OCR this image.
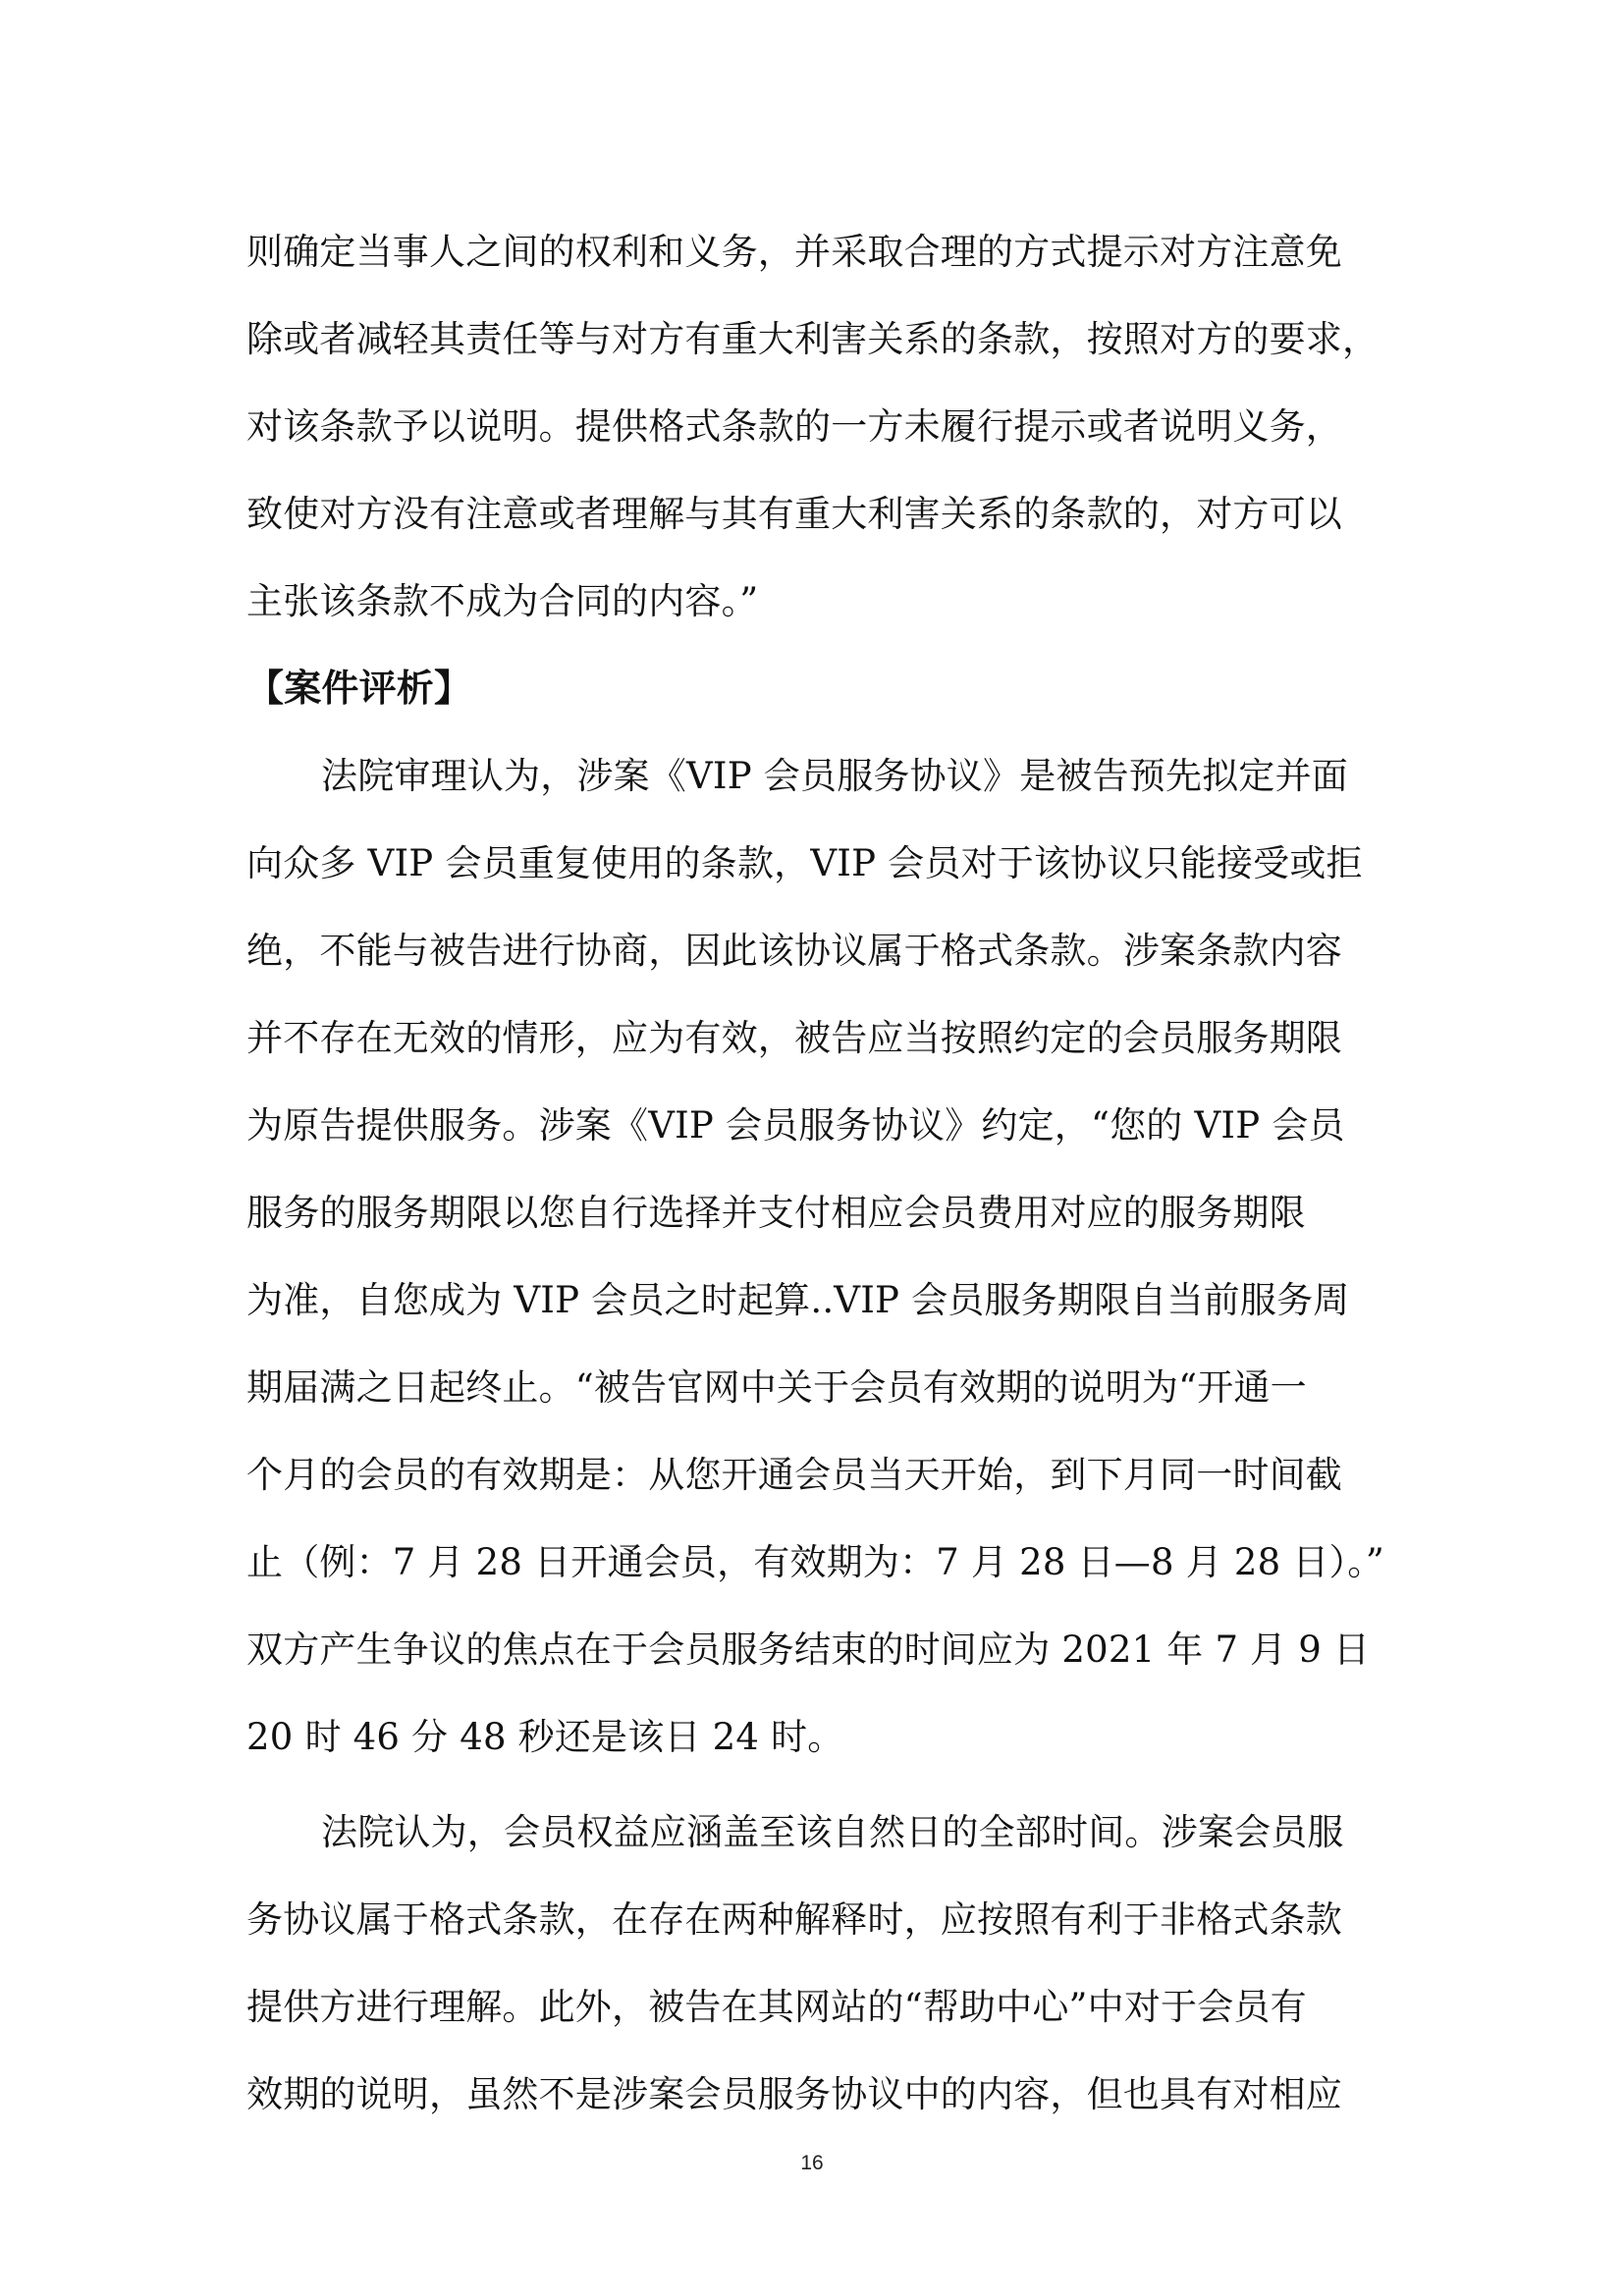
则确定当事人之间的权利和义务，并采取合理的方式提示对方注意免
除或者减轻其责任等与对方有重大利害关系的条款，按照对方的要求，
对该条款予以说明。提供格式条款的一方未履行提示或者说明义务，
致使对方没有注意或者理解与其有重大利害关系的条款的，对方可以
主张该条款不成为合同的内容。”
【案件评析】
法院审理认为，涉案《VIP 会员服务协议》是被告预先拟定并面
向众多 VIP 会员重复使用的条款，VIP 会员对于该协议只能接受或拒
绝，不能与被告进行协商，因此该协议属于格式条款。涉案条款内容
并不存在无效的情形，应为有效，被告应当按照约定的会员服务期限
为原告提供服务。涉案《VIP 会员服务协议》约定，“您的 VIP 会员
服务的服务期限以您自行选择并支付相应会员费用对应的服务期限
为准，自您成为 VIP 会员之时起算..VIP 会员服务期限自当前服务周
期届满之日起终止。“被告官网中关于会员有效期的说明为“开通一
个月的会员的有效期是：从您开通会员当天开始，到下月同一时间截
止（例：7 月 28 日开通会员，有效期为：7 月 28 日—8 月 28 日）。”
双方产生争议的焦点在于会员服务结束的时间应为 2021 年 7 月 9 日
20 时 46 分 48 秒还是该日 24 时。
法院认为，会员权益应涵盖至该自然日的全部时间。涉案会员服
务协议属于格式条款，在存在两种解释时，应按照有利于非格式条款
提供方进行理解。此外，被告在其网站的“帮助中心”中对于会员有
效期的说明，虽然不是涉案会员服务协议中的内容，但也具有对相应
16
